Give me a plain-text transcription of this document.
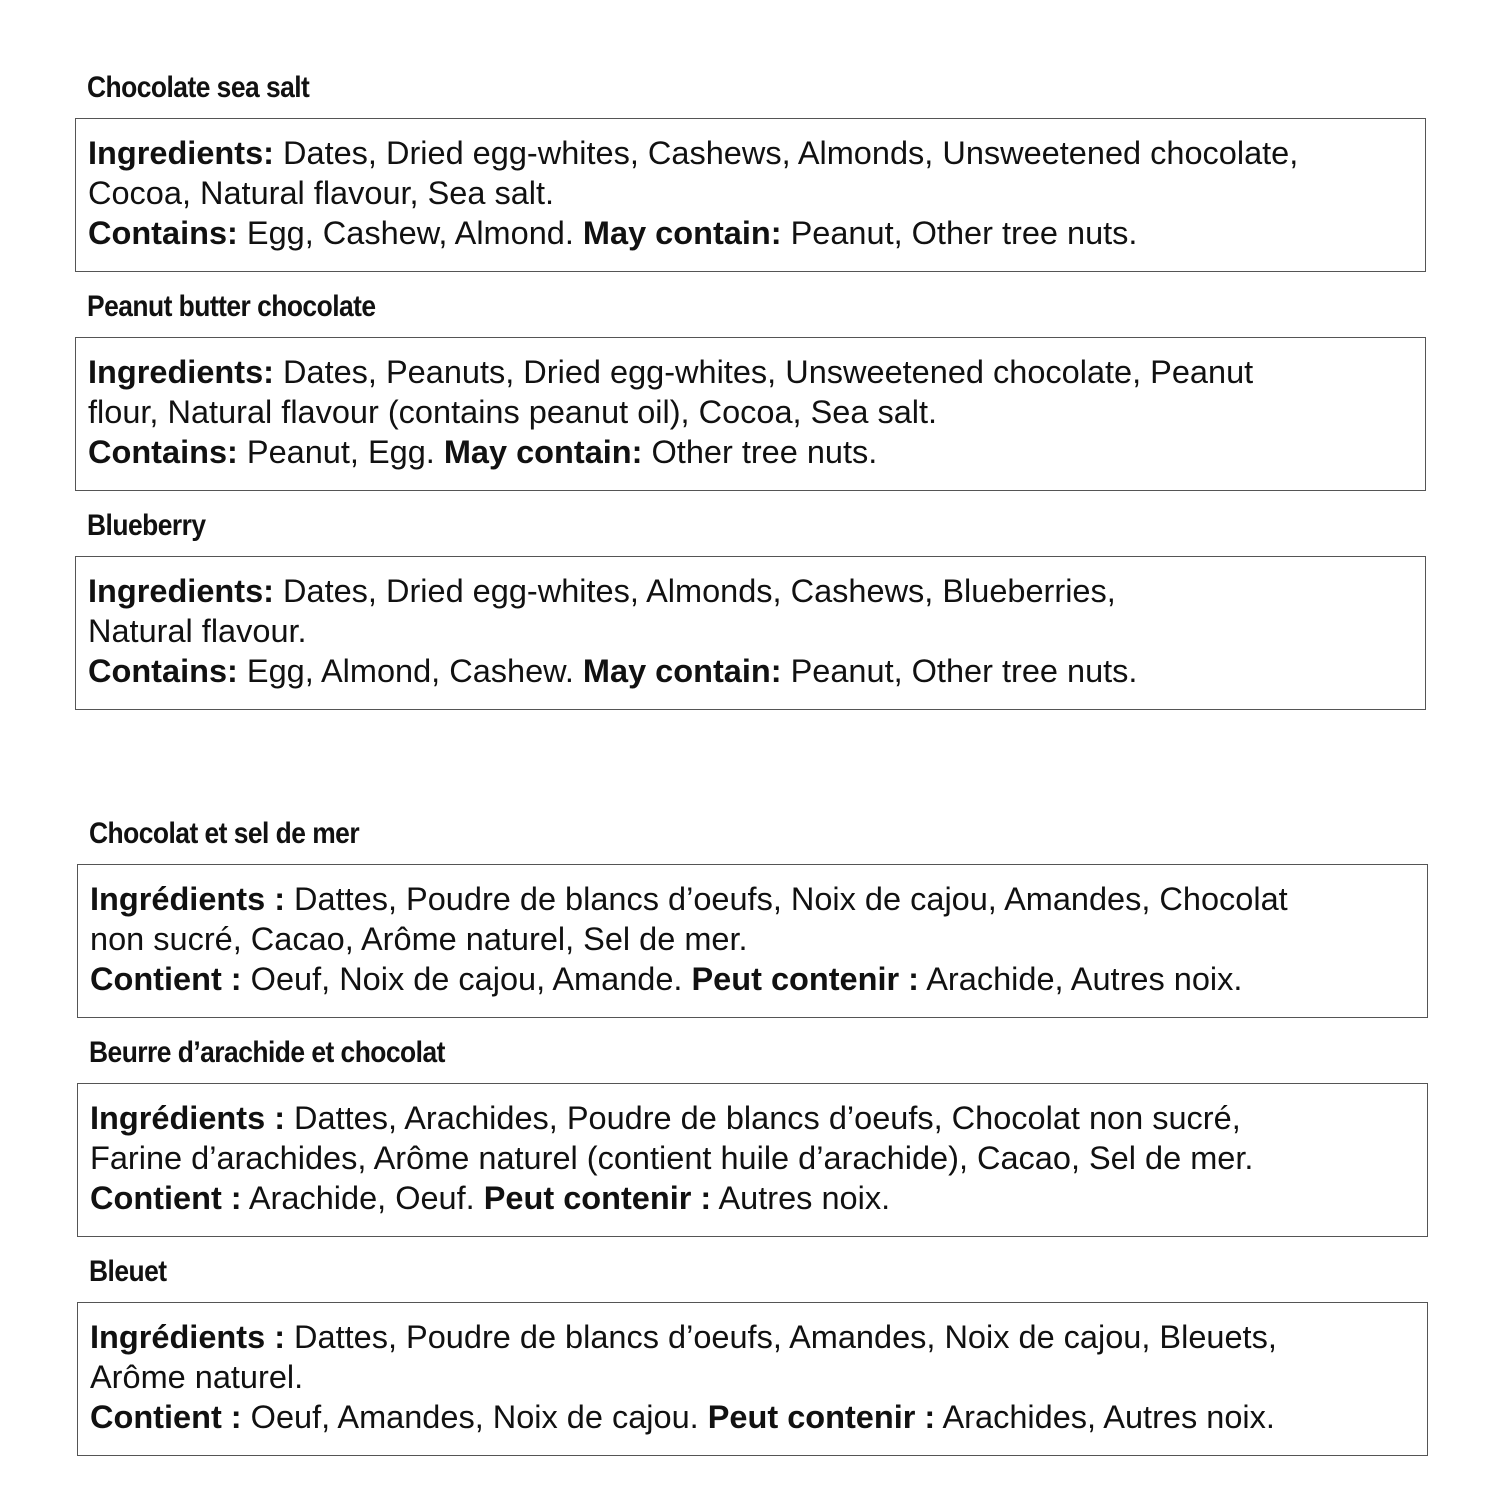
Chocolate sea salt
Ingredients: Dates, Dried egg-whites, Cashews, Almonds, Unsweetened chocolate,
Cocoa, Natural flavour, Sea salt.
Contains: Egg, Cashew, Almond. May contain: Peanut, Other tree nuts.
Peanut butter chocolate
Ingredients: Dates, Peanuts, Dried egg-whites, Unsweetened chocolate, Peanut
flour, Natural flavour (contains peanut oil), Cocoa, Sea salt.
Contains: Peanut, Egg. May contain: Other tree nuts.
Blueberry
Ingredients: Dates, Dried egg-whites, Almonds, Cashews, Blueberries,
Natural flavour.
Contains: Egg, Almond, Cashew. May contain: Peanut, Other tree nuts.
Chocolat et sel de mer
Ingrédients : Dattes, Poudre de blancs d’oeufs, Noix de cajou, Amandes, Chocolat
non sucré, Cacao, Arôme naturel, Sel de mer.
Contient : Oeuf, Noix de cajou, Amande. Peut contenir : Arachide, Autres noix.
Beurre d’arachide et chocolat
Ingrédients : Dattes, Arachides, Poudre de blancs d’oeufs, Chocolat non sucré,
Farine d’arachides, Arôme naturel (contient huile d’arachide), Cacao, Sel de mer.
Contient : Arachide, Oeuf. Peut contenir : Autres noix.
Bleuet
Ingrédients : Dattes, Poudre de blancs d’oeufs, Amandes, Noix de cajou, Bleuets,
Arôme naturel.
Contient : Oeuf, Amandes, Noix de cajou. Peut contenir : Arachides, Autres noix.
